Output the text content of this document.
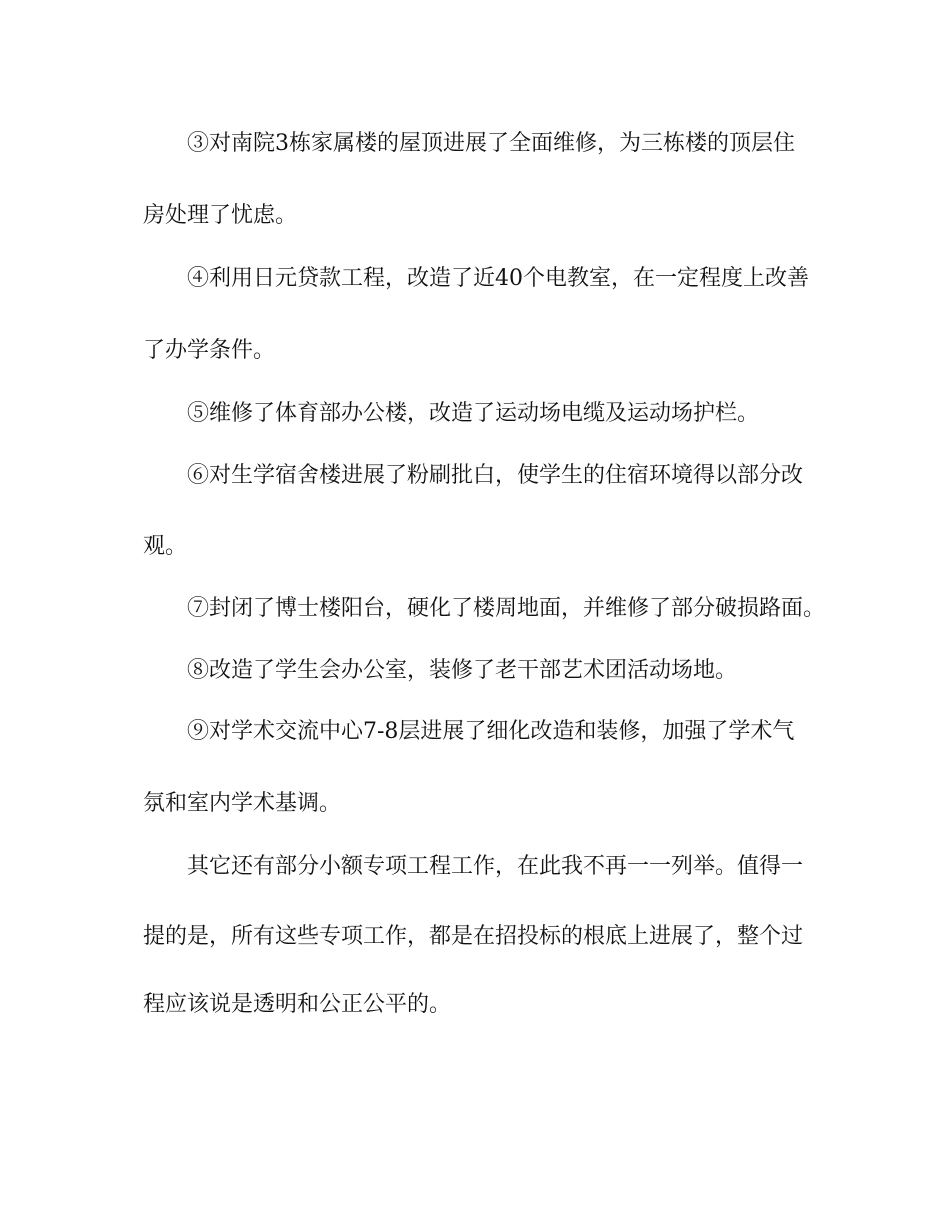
③对南院3栋家属楼的屋顶进展了全面维修，为三栋楼的顶层住
房处理了忧虑。
④利用日元贷款工程，改造了近40个电教室，在一定程度上改善
了办学条件。
⑤维修了体育部办公楼，改造了运动场电缆及运动场护栏。
⑥对生学宿舍楼进展了粉刷批白，使学生的住宿环境得以部分改
观。
⑦封闭了博士楼阳台，硬化了楼周地面，并维修了部分破损路面。
⑧改造了学生会办公室，装修了老干部艺术团活动场地。
⑨对学术交流中心7-8层进展了细化改造和装修，加强了学术气
氛和室内学术基调。
其它还有部分小额专项工程工作，在此我不再一一列举。值得一
提的是，所有这些专项工作，都是在招投标的根底上进展了，整个过
程应该说是透明和公正公平的。
